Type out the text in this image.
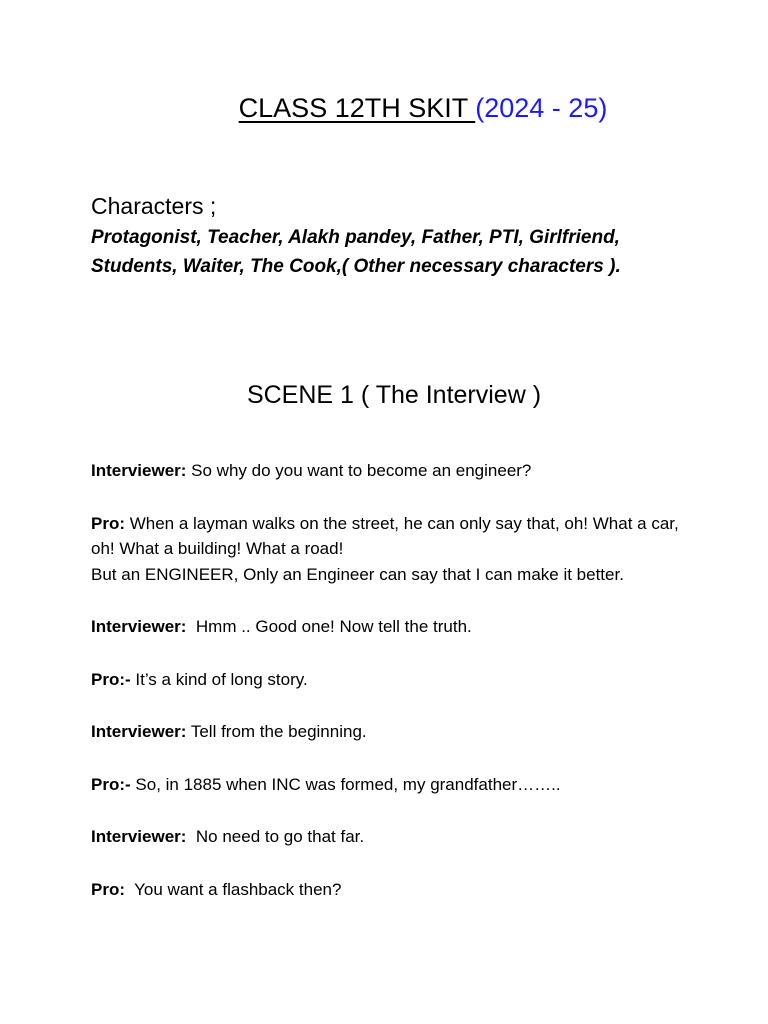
CLASS 12TH SKIT (2024 - 25)

Characters ;

Protagonist, Teacher, Alakh pandey, Father, PTI, Girlfriend, Students, Waiter, The Cook,( Other necessary characters ).

SCENE 1 ( The Interview )

Interviewer: So why do you want to become an engineer?

Pro: When a layman walks on the street, he can only say that, oh! What a car, oh! What a building! What a road!
But an ENGINEER, Only an Engineer can say that I can make it better.

Interviewer:  Hmm .. Good one! Now tell the truth.

Pro:- It’s a kind of long story.

Interviewer: Tell from the beginning.

Pro:- So, in 1885 when INC was formed, my grandfather……..

Interviewer:  No need to go that far.

Pro:  You want a flashback then?
